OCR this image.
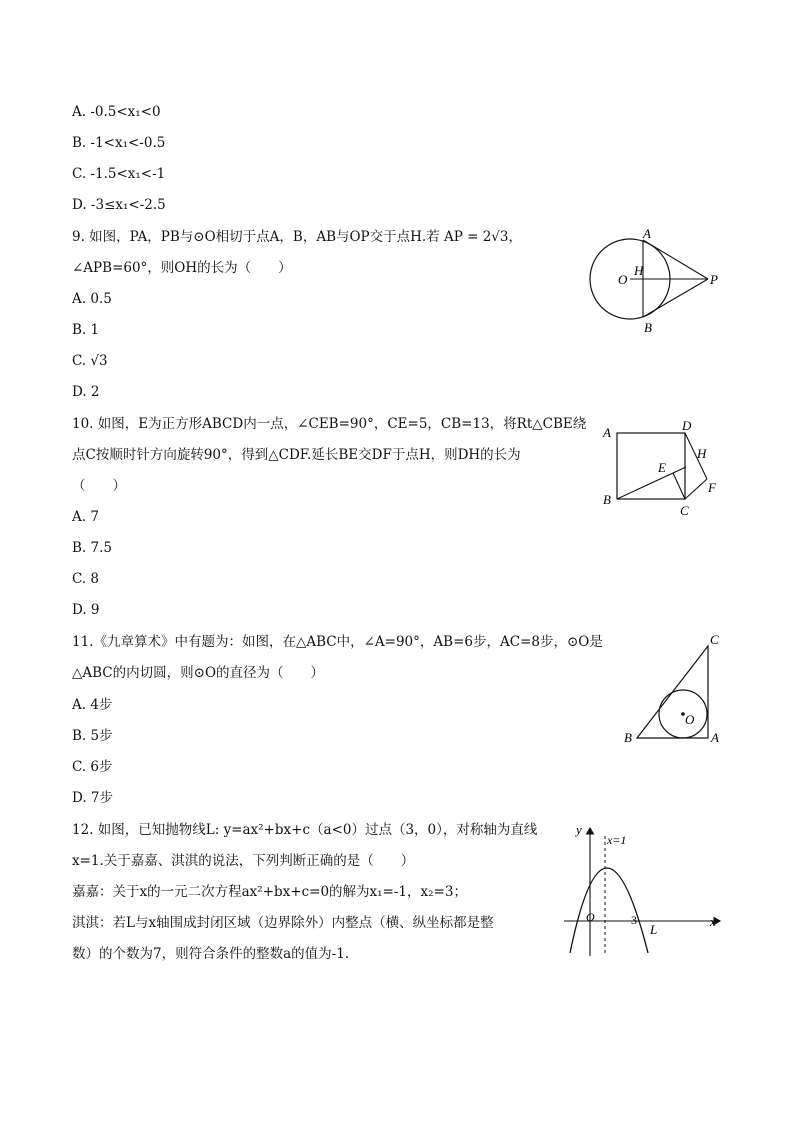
A. -0.5<x₁<0
B. -1<x₁<-0.5
C. -1.5<x₁<-1
D. -3≤x₁<-2.5
9. 如图，PA，PB与⊙O相切于点A，B，AB与OP交于点H.若 AP = 2√3，
∠APB=60°，则OH的长为（　　）
A. 0.5
B. 1
C. √3
D. 2
A
B
O
H
P
10. 如图，E为正方形ABCD内一点，∠CEB=90°，CE=5，CB=13，将Rt△CBE绕
点C按顺时针方向旋转90°，得到△CDF.延长BE交DF于点H，则DH的长为
（　　）
A. 7
B. 7.5
C. 8
D. 9
A
B
C
D
E
F
H
11.《九章算术》中有题为：如图，在△ABC中，∠A=90°，AB=6步，AC=8步，⊙O是
△ABC的内切圆，则⊙O的直径为（　　）
A. 4步
B. 5步
C. 6步
D. 7步
C
B	A
O
12. 如图，已知抛物线L: y=ax²+bx+c（a<0）过点（3，0），对称轴为直线
x=1.关于嘉嘉、淇淇的说法，下列判断正确的是（　　）
嘉嘉：关于x的一元二次方程ax²+bx+c=0的解为x₁=-1，x₂=3；
淇淇：若L与x轴围成封闭区域（边界除外）内整点（横、纵坐标都是整
数）的个数为7，则符合条件的整数a的值为-1.
y
x
x=1
O	3
L
